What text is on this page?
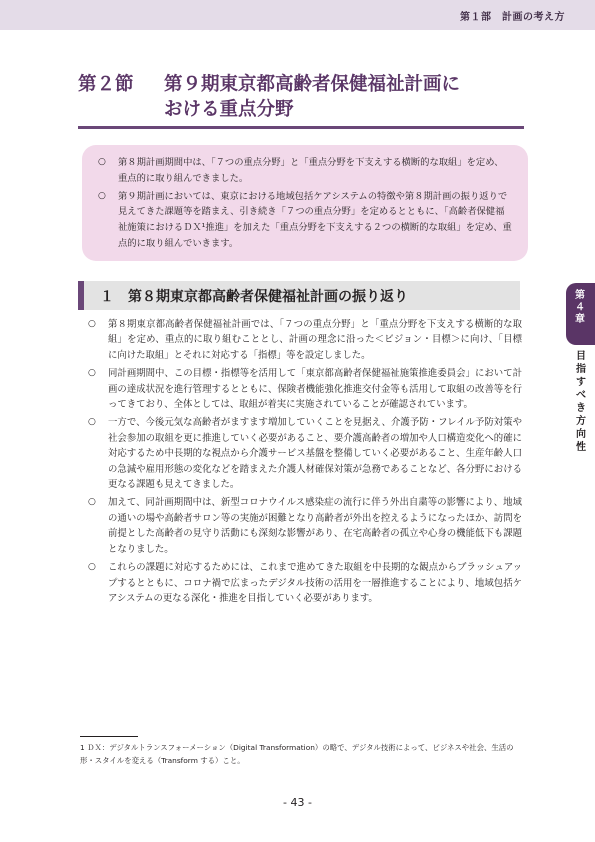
第１部　計画の考え方
第２節 第９期東京都高齢者保健福祉計画に
おける重点分野
○ 第８期計画期間中は、「７つの重点分野」と「重点分野を下支えする横断的な取組」を定め、重点的に取り組んできました。
○ 第９期計画においては、東京における地域包括ケアシステムの特徴や第８期計画の振り返りで見えてきた課題等を踏まえ、引き続き「７つの重点分野」を定めるとともに、「高齢者保健福祉施策におけるＤＸ¹推進」を加えた「重点分野を下支えする２つの横断的な取組」を定め、重点的に取り組んでいきます。
１　第８期東京都高齢者保健福祉計画の振り返り	第４章
目指すべき方向性
○ 第８期東京都高齢者保健福祉計画では、「７つの重点分野」と「重点分野を下支えする横断的な取組」を定め、重点的に取り組むこととし、計画の理念に沿った＜ビジョン・目標＞に向け、「目標に向けた取組」とそれに対応する「指標」等を設定しました。
○ 同計画期間中、この目標・指標等を活用して「東京都高齢者保健福祉施策推進委員会」において計画の達成状況を進行管理するとともに、保険者機能強化推進交付金等も活用して取組の改善等を行ってきており、全体としては、取組が着実に実施されていることが確認されています。
○ 一方で、今後元気な高齢者がますます増加していくことを見据え、介護予防・フレイル予防対策や社会参加の取組を更に推進していく必要があること、要介護高齢者の増加や人口構造変化へ的確に対応するため中長期的な視点から介護サービス基盤を整備していく必要があること、生産年齢人口の急減や雇用形態の変化などを踏まえた介護人材確保対策が急務であることなど、各分野における更なる課題も見えてきました。
○ 加えて、同計画期間中は、新型コロナウイルス感染症の流行に伴う外出自粛等の影響により、地域の通いの場や高齢者サロン等の実施が困難となり高齢者が外出を控えるようになったほか、訪問を前提とした高齢者の見守り活動にも深刻な影響があり、在宅高齢者の孤立や心身の機能低下も課題となりました。
○ これらの課題に対応するためには、これまで進めてきた取組を中長期的な観点からブラッシュアップするとともに、コロナ禍で広まったデジタル技術の活用を一層推進することにより、地域包括ケアシステムの更なる深化・推進を目指していく必要があります。
1 ＤＸ：デジタルトランスフォーメーション（Digital Transformation）の略で、デジタル技術によって、ビジネスや社会、生活の形・スタイルを変える（Transform する）こと。
- 43 -
